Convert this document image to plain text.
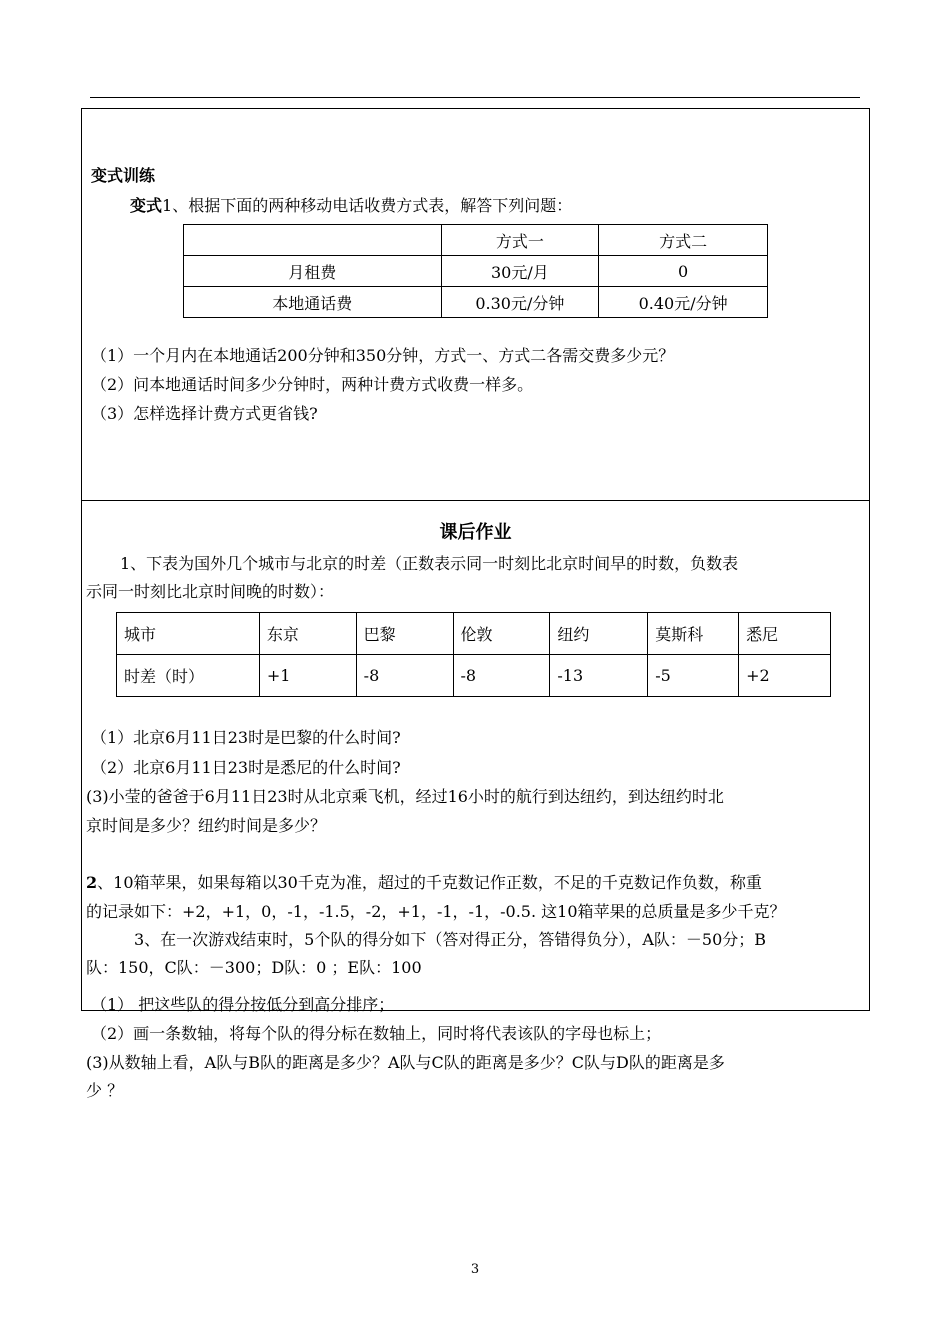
变式训练
变式1、根据下面的两种移动电话收费方式表，解答下列问题：
	方式一	方式二
月租费	30元/月	0
本地通话费	0.30元/分钟	0.40元/分钟
（1）一个月内在本地通话200分钟和350分钟，方式一、方式二各需交费多少元？
（2）问本地通话时间多少分钟时，两种计费方式收费一样多。
（3）怎样选择计费方式更省钱?
课后作业
1、下表为国外几个城市与北京的时差（正数表示同一时刻比北京时间早的时数，负数表
示同一时刻比北京时间晚的时数）：
城市	东京	巴黎	伦敦	纽约	莫斯科	悉尼
时差（时）	+1	-8	-8	-13	-5	+2
（1）北京6月11日23时是巴黎的什么时间?
（2）北京6月11日23时是悉尼的什么时间?
(3)小莹的爸爸于6月11日23时从北京乘飞机，经过16小时的航行到达纽约，到达纽约时北
京时间是多少？纽约时间是多少？
2、10箱苹果，如果每箱以30千克为准，超过的千克数记作正数，不足的千克数记作负数，称重
的记录如下：+2，+1，0，-1，-1.5，-2，+1，-1，-1，-0.5. 这10箱苹果的总质量是多少千克？
3、在一次游戏结束时，5个队的得分如下（答对得正分，答错得负分），A队：－50分；B
队：150，C队：－300；D队：0 ；E队：100
（1） 把这些队的得分按低分到高分排序；
（2）画一条数轴，将每个队的得分标在数轴上，同时将代表该队的字母也标上；
(3)从数轴上看，A队与B队的距离是多少？A队与C队的距离是多少？C队与D队的距离是多
少 ？
3
